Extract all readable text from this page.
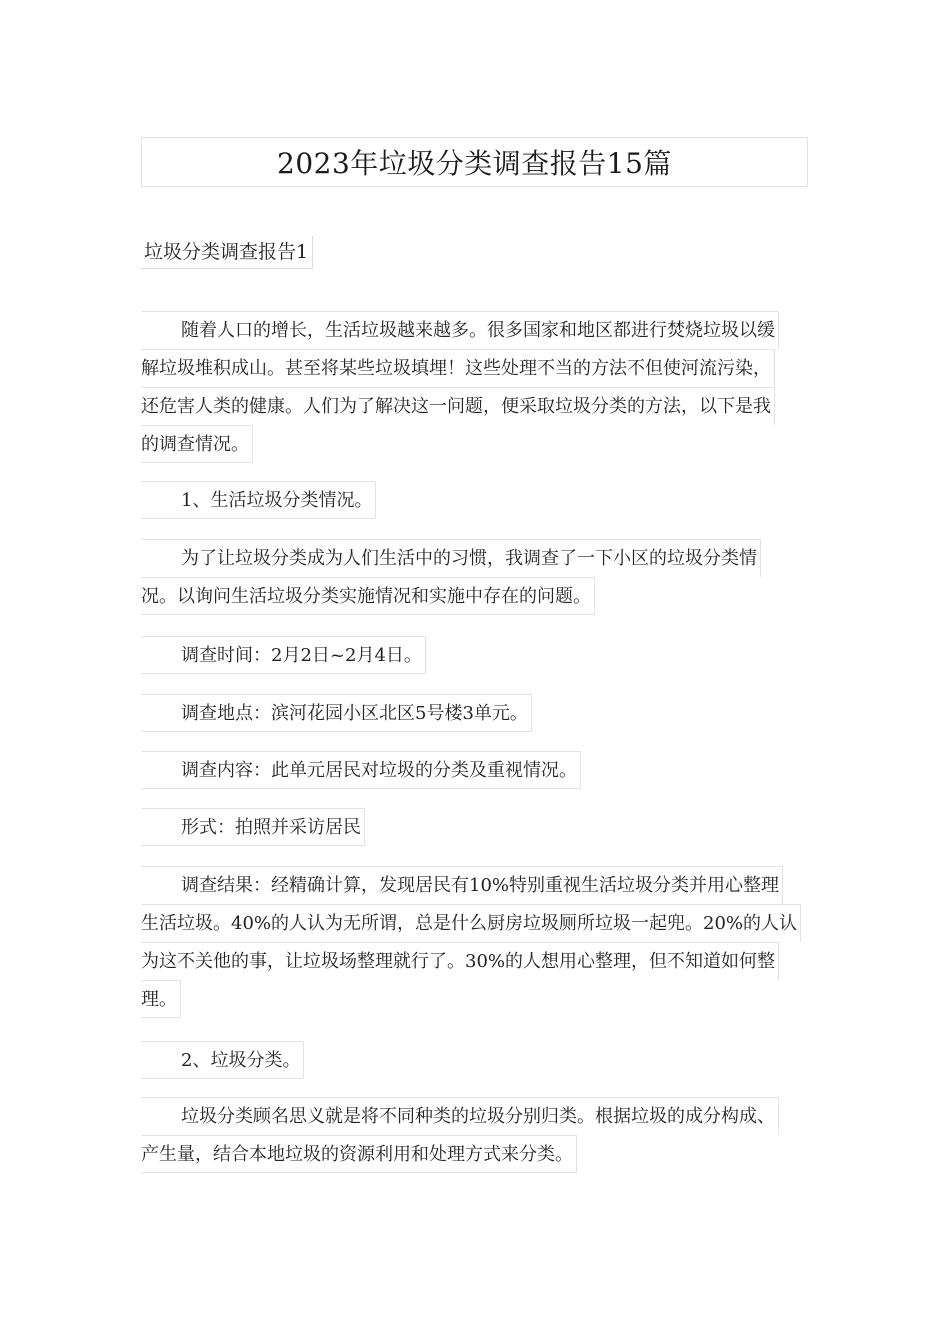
2023年垃圾分类调查报告15篇
垃圾分类调查报告1
随着人口的增长，生活垃圾越来越多。很多国家和地区都进行焚烧垃圾以缓
解垃圾堆积成山。甚至将某些垃圾填埋！这些处理不当的方法不但使河流污染，
还危害人类的健康。人们为了解决这一问题，便采取垃圾分类的方法，以下是我
的调查情况。
1、生活垃圾分类情况。
为了让垃圾分类成为人们生活中的习惯，我调查了一下小区的垃圾分类情
况。以询问生活垃圾分类实施情况和实施中存在的问题。
调查时间：2月2日~2月4日。
调查地点：滨河花园小区北区5号楼3单元。
调查内容：此单元居民对垃圾的分类及重视情况。
形式：拍照并采访居民
调查结果：经精确计算，发现居民有10%特别重视生活垃圾分类并用心整理
生活垃圾。40%的人认为无所谓，总是什么厨房垃圾厕所垃圾一起兜。20%的人认
为这不关他的事，让垃圾场整理就行了。30%的人想用心整理，但不知道如何整
理。
2、垃圾分类。
垃圾分类顾名思义就是将不同种类的垃圾分别归类。根据垃圾的成分构成、
产生量，结合本地垃圾的资源利用和处理方式来分类。
